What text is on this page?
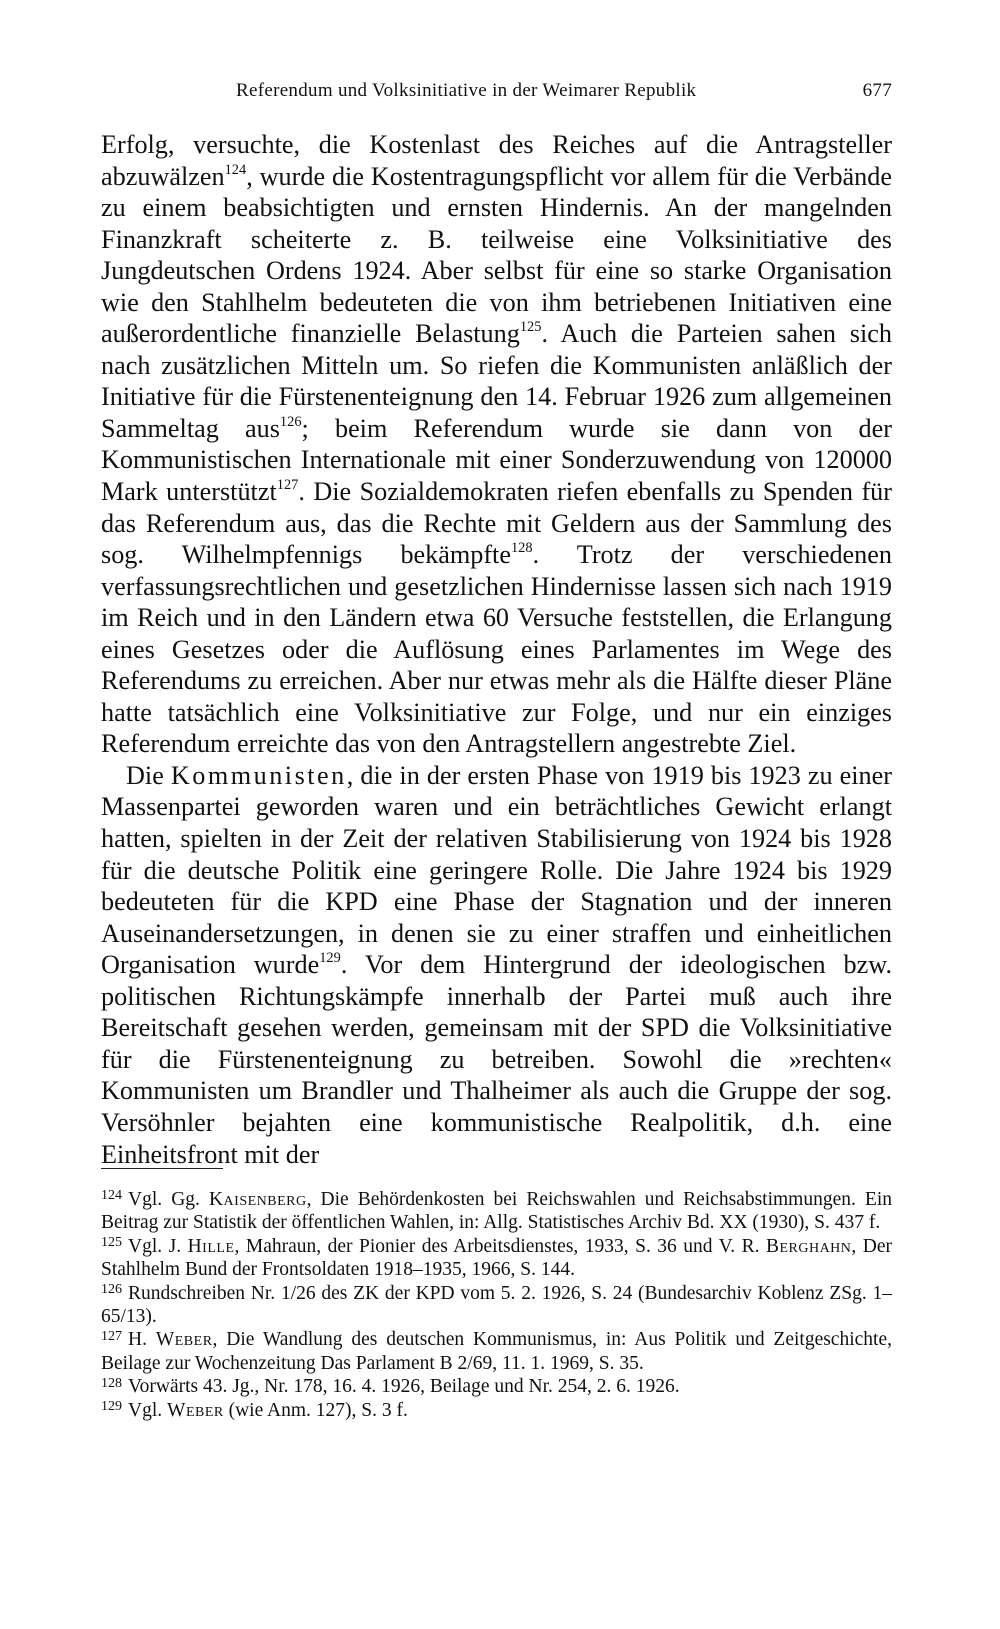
Referendum und Volksinitiative in der Weimarer Republik	677

Erfolg, versuchte, die Kostenlast des Reiches auf die Antragsteller abzuwälzen$^{124}$, wurde die Kostentragungspflicht vor allem für die Verbände zu einem beabsichtigten und ernsten Hindernis. An der mangelnden Finanzkraft scheiterte z. B. teilweise eine Volksinitiative des Jungdeutschen Ordens 1924. Aber selbst für eine so starke Organisation wie den Stahlhelm bedeuteten die von ihm betriebenen Initiativen eine außerordentliche finanzielle Belastung$^{125}$. Auch die Parteien sahen sich nach zusätzlichen Mitteln um. So riefen die Kommunisten anläßlich der Initiative für die Fürstenenteignung den 14. Februar 1926 zum allgemeinen Sammeltag aus$^{126}$; beim Referendum wurde sie dann von der Kommunistischen Internationale mit einer Sonderzuwendung von 120000 Mark unterstützt$^{127}$. Die Sozialdemokraten riefen ebenfalls zu Spenden für das Referendum aus, das die Rechte mit Geldern aus der Sammlung des sog. Wilhelmpfennigs bekämpfte$^{128}$. Trotz der verschiedenen verfassungsrechtlichen und gesetzlichen Hindernisse lassen sich nach 1919 im Reich und in den Ländern etwa 60 Versuche feststellen, die Erlangung eines Gesetzes oder die Auflösung eines Parlamentes im Wege des Referendums zu erreichen. Aber nur etwas mehr als die Hälfte dieser Pläne hatte tatsächlich eine Volksinitiative zur Folge, und nur ein einziges Referendum erreichte das von den Antragstellern angestrebte Ziel.

Die Kommunisten, die in der ersten Phase von 1919 bis 1923 zu einer Massenpartei geworden waren und ein beträchtliches Gewicht erlangt hatten, spielten in der Zeit der relativen Stabilisierung von 1924 bis 1928 für die deutsche Politik eine geringere Rolle. Die Jahre 1924 bis 1929 bedeuteten für die KPD eine Phase der Stagnation und der inneren Auseinandersetzungen, in denen sie zu einer straffen und einheitlichen Organisation wurde$^{129}$. Vor dem Hintergrund der ideologischen bzw. politischen Richtungskämpfe innerhalb der Partei muß auch ihre Bereitschaft gesehen werden, gemeinsam mit der SPD die Volksinitiative für die Fürstenenteignung zu betreiben. Sowohl die »rechten« Kommunisten um Brandler und Thalheimer als auch die Gruppe der sog. Versöhnler bejahten eine kommunistische Realpolitik, d.h. eine Einheitsfront mit der

$^{124}$ Vgl. Gg. Kaisenberg, Die Behördenkosten bei Reichswahlen und Reichsabstimmungen. Ein Beitrag zur Statistik der öffentlichen Wahlen, in: Allg. Statistisches Archiv Bd. XX (1930), S. 437 f.

$^{125}$ Vgl. J. Hille, Mahraun, der Pionier des Arbeitsdienstes, 1933, S. 36 und V. R. Berghahn, Der Stahlhelm Bund der Frontsoldaten 1918–1935, 1966, S. 144.

$^{126}$ Rundschreiben Nr. 1/26 des ZK der KPD vom 5. 2. 1926, S. 24 (Bundesarchiv Koblenz ZSg. 1–65/13).

$^{127}$ H. Weber, Die Wandlung des deutschen Kommunismus, in: Aus Politik und Zeitgeschichte, Beilage zur Wochenzeitung Das Parlament B 2/69, 11. 1. 1969, S. 35.

$^{128}$ Vorwärts 43. Jg., Nr. 178, 16. 4. 1926, Beilage und Nr. 254, 2. 6. 1926.

$^{129}$ Vgl. Weber (wie Anm. 127), S. 3 f.
